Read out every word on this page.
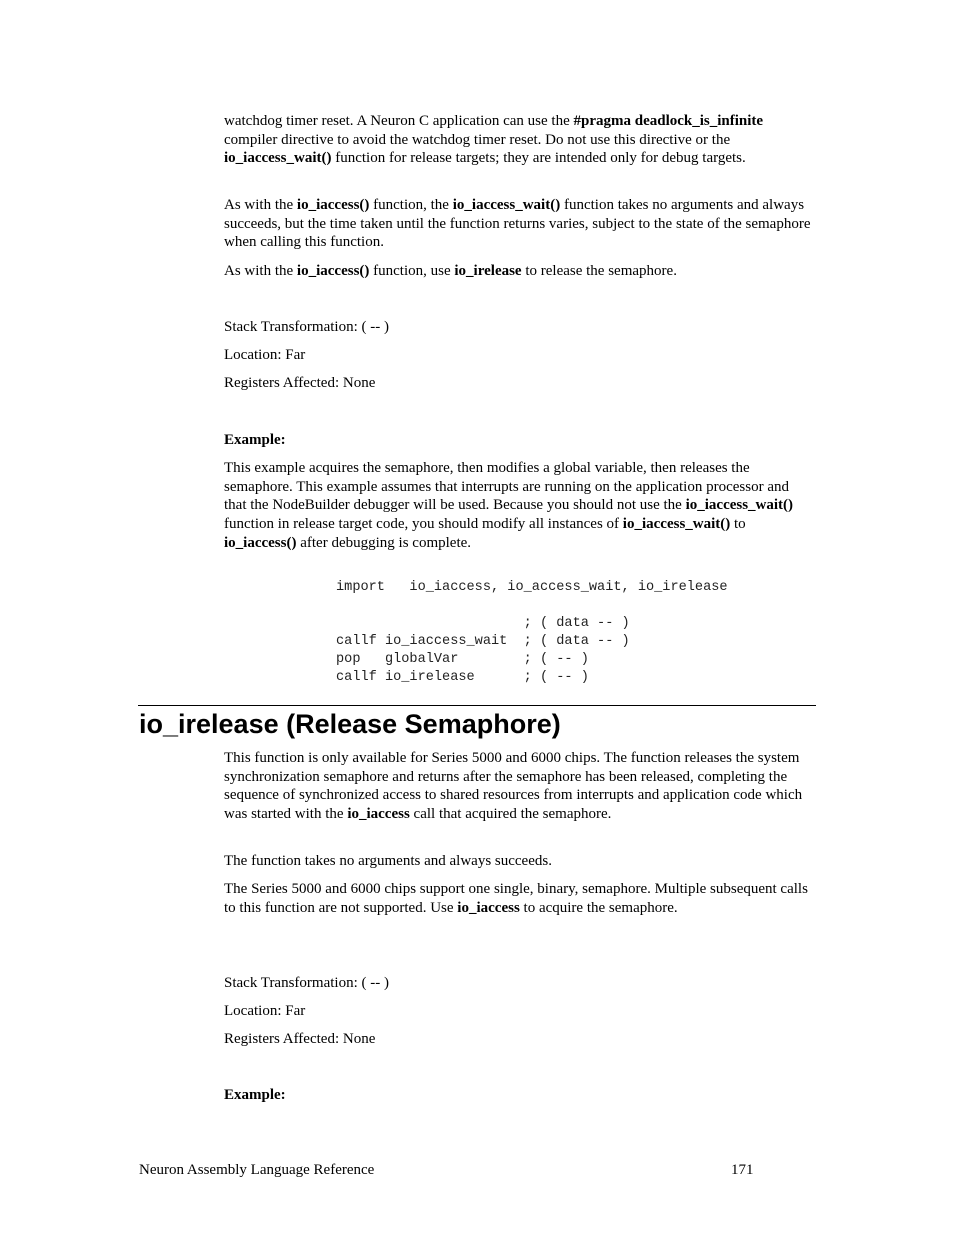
watchdog timer reset. A Neuron C application can use the #pragma deadlock_is_infinite compiler directive to avoid the watchdog timer reset. Do not use this directive or the io_iaccess_wait() function for release targets; they are intended only for debug targets.

As with the io_iaccess() function, the io_iaccess_wait() function takes no arguments and always succeeds, but the time taken until the function returns varies, subject to the state of the semaphore when calling this function.

As with the io_iaccess() function, use io_irelease to release the semaphore.

Stack Transformation: ( -- )
Location: Far
Registers Affected: None
Example:

This example acquires the semaphore, then modifies a global variable, then releases the semaphore. This example assumes that interrupts are running on the application processor and that the NodeBuilder debugger will be used. Because you should not use the io_iaccess_wait() function in release target code, you should modify all instances of io_iaccess_wait() to io_iaccess() after debugging is complete.

import   io_iaccess, io_access_wait, io_irelease

; ( data -- )
callf io_iaccess_wait  ; ( data -- )
pop   globalVar        ; ( -- )
callf io_irelease      ; ( -- )
io_irelease (Release Semaphore)

This function is only available for Series 5000 and 6000 chips. The function releases the system synchronization semaphore and returns after the semaphore has been released, completing the sequence of synchronized access to shared resources from interrupts and application code which was started with the io_iaccess call that acquired the semaphore.

The function takes no arguments and always succeeds.

The Series 5000 and 6000 chips support one single, binary, semaphore. Multiple subsequent calls to this function are not supported. Use io_iaccess to acquire the semaphore.

Stack Transformation: ( -- )
Location: Far
Registers Affected: None
Example:
Neuron Assembly Language Reference	171
